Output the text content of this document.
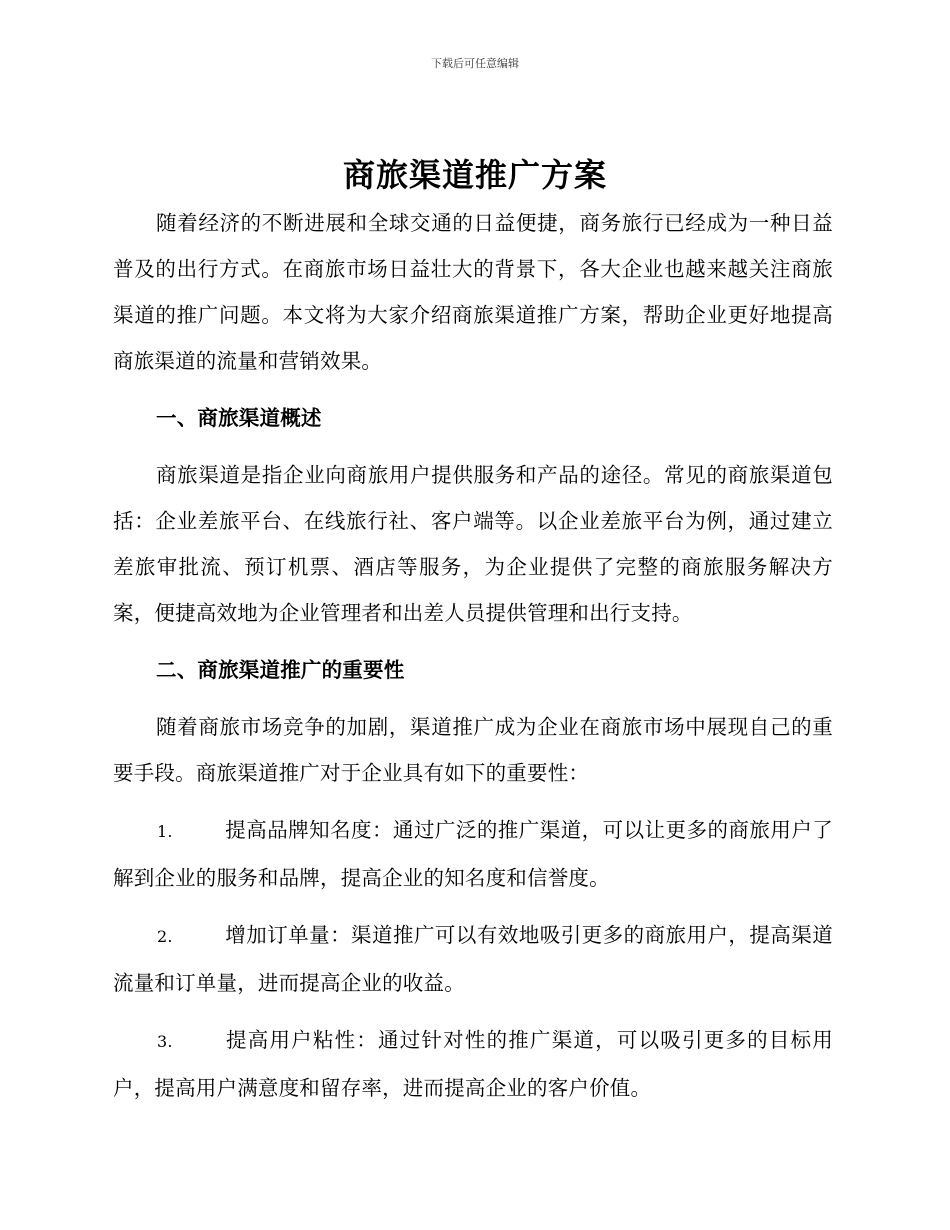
下载后可任意编辑
商旅渠道推广方案

随着经济的不断进展和全球交通的日益便捷，商务旅行已经成为一种日益普及的出行方式。在商旅市场日益壮大的背景下，各大企业也越来越关注商旅渠道的推广问题。本文将为大家介绍商旅渠道推广方案，帮助企业更好地提高商旅渠道的流量和营销效果。

一、商旅渠道概述

商旅渠道是指企业向商旅用户提供服务和产品的途径。常见的商旅渠道包括：企业差旅平台、在线旅行社、客户端等。以企业差旅平台为例，通过建立差旅审批流、预订机票、酒店等服务，为企业提供了完整的商旅服务解决方案，便捷高效地为企业管理者和出差人员提供管理和出行支持。

二、商旅渠道推广的重要性

随着商旅市场竞争的加剧，渠道推广成为企业在商旅市场中展现自己的重要手段。商旅渠道推广对于企业具有如下的重要性：

1.	提高品牌知名度：通过广泛的推广渠道，可以让更多的商旅用户了解到企业的服务和品牌，提高企业的知名度和信誉度。

2.	增加订单量：渠道推广可以有效地吸引更多的商旅用户，提高渠道流量和订单量，进而提高企业的收益。

3.	提高用户粘性：通过针对性的推广渠道，可以吸引更多的目标用户，提高用户满意度和留存率，进而提高企业的客户价值。
